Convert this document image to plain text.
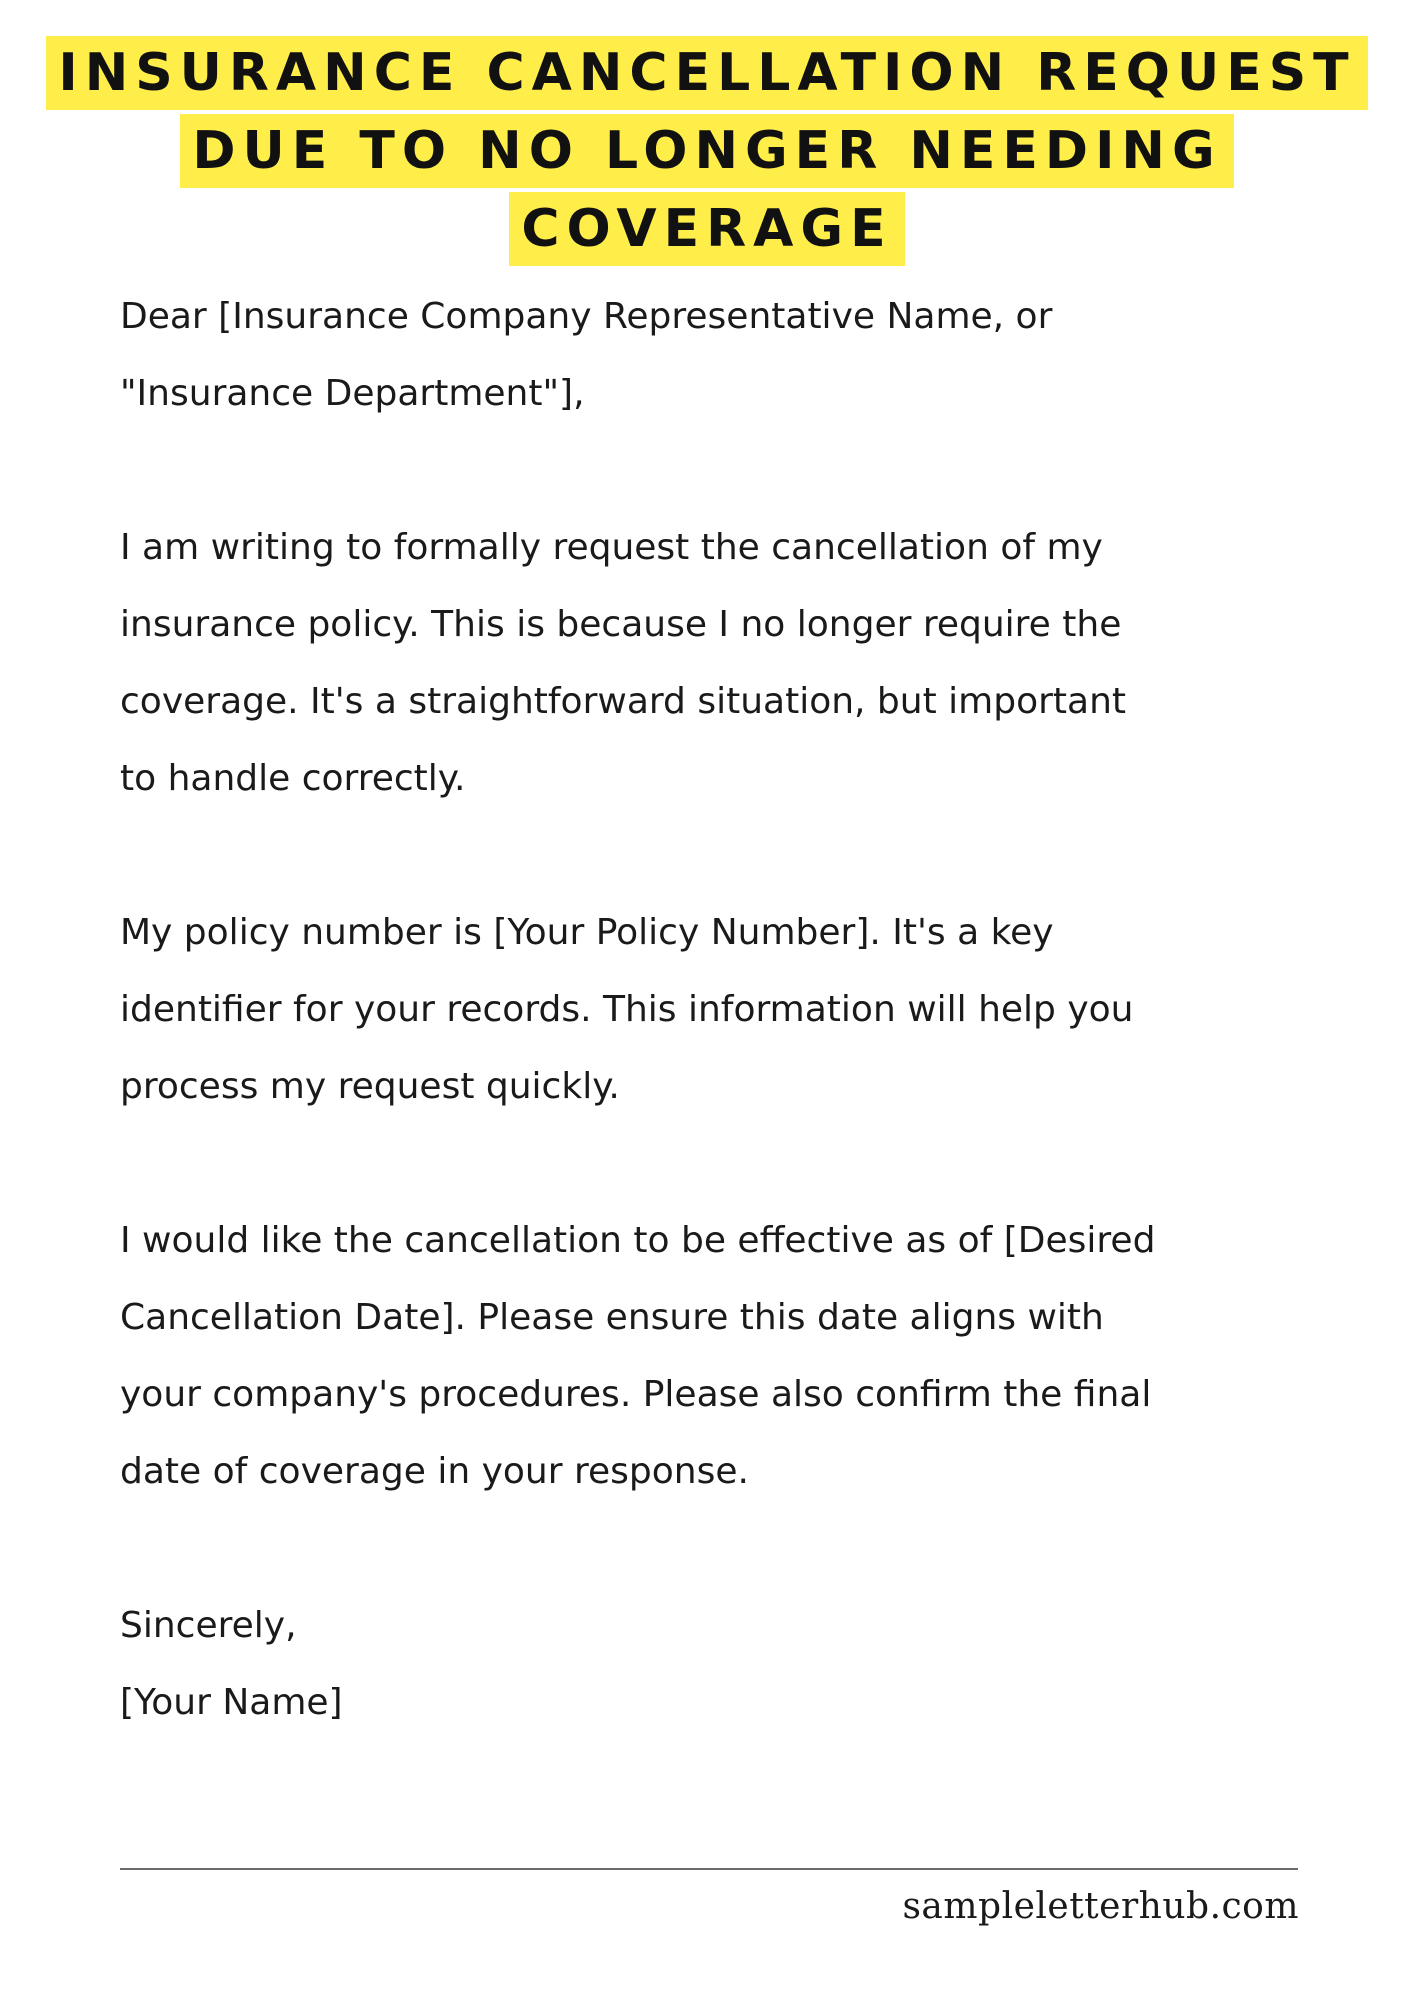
INSURANCE CANCELLATION REQUEST
DUE TO NO LONGER NEEDING
COVERAGE

Dear [Insurance Company Representative Name, or
"Insurance Department"],

I am writing to formally request the cancellation of my
insurance policy. This is because I no longer require the
coverage. It's a straightforward situation, but important
to handle correctly.

My policy number is [Your Policy Number]. It's a key
identifier for your records. This information will help you
process my request quickly.

I would like the cancellation to be effective as of [Desired
Cancellation Date]. Please ensure this date aligns with
your company's procedures. Please also confirm the final
date of coverage in your response.

Sincerely,
[Your Name]
sampleletterhub.com
